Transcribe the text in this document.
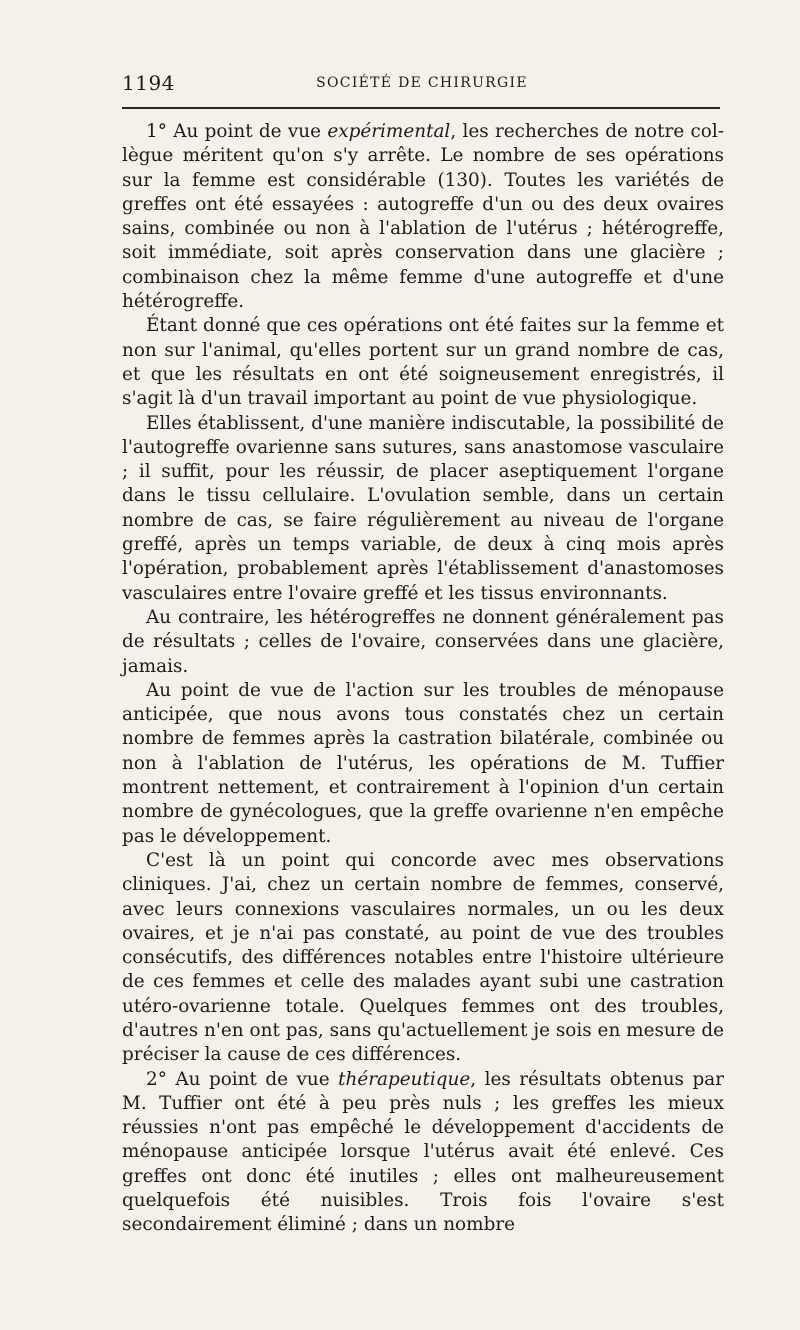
1194	SOCIÉTÉ DE CHIRURGIE

1° Au point de vue expérimental, les recherches de notre collègue méritent qu'on s'y arrête. Le nombre de ses opérations sur la femme est considérable (130). Toutes les variétés de greffes ont été essayées : autogreffe d'un ou des deux ovaires sains, combinée ou non à l'ablation de l'utérus ; hétérogreffe, soit immédiate, soit après conservation dans une glacière ; combinaison chez la même femme d'une autogreffe et d'une hétérogreffe.

Étant donné que ces opérations ont été faites sur la femme et non sur l'animal, qu'elles portent sur un grand nombre de cas, et que les résultats en ont été soigneusement enregistrés, il s'agit là d'un travail important au point de vue physiologique.

Elles établissent, d'une manière indiscutable, la possibilité de l'autogreffe ovarienne sans sutures, sans anastomose vasculaire ; il suffit, pour les réussir, de placer aseptiquement l'organe dans le tissu cellulaire. L'ovulation semble, dans un certain nombre de cas, se faire régulièrement au niveau de l'organe greffé, après un temps variable, de deux à cinq mois après l'opération, probablement après l'établissement d'anastomoses vasculaires entre l'ovaire greffé et les tissus environnants.

Au contraire, les hétérogreffes ne donnent généralement pas de résultats ; celles de l'ovaire, conservées dans une glacière, jamais.

Au point de vue de l'action sur les troubles de ménopause anticipée, que nous avons tous constatés chez un certain nombre de femmes après la castration bilatérale, combinée ou non à l'ablation de l'utérus, les opérations de M. Tuffier montrent nettement, et contrairement à l'opinion d'un certain nombre de gynécologues, que la greffe ovarienne n'en empêche pas le développement.

C'est là un point qui concorde avec mes observations cliniques. J'ai, chez un certain nombre de femmes, conservé, avec leurs connexions vasculaires normales, un ou les deux ovaires, et je n'ai pas constaté, au point de vue des troubles consécutifs, des différences notables entre l'histoire ultérieure de ces femmes et celle des malades ayant subi une castration utéro-ovarienne totale. Quelques femmes ont des troubles, d'autres n'en ont pas, sans qu'actuellement je sois en mesure de préciser la cause de ces différences.

2° Au point de vue thérapeutique, les résultats obtenus par M. Tuffier ont été à peu près nuls ; les greffes les mieux réussies n'ont pas empêché le développement d'accidents de ménopause anticipée lorsque l'utérus avait été enlevé. Ces greffes ont donc été inutiles ; elles ont malheureusement quelquefois été nuisibles. Trois fois l'ovaire s'est secondairement éliminé ; dans un nombre
